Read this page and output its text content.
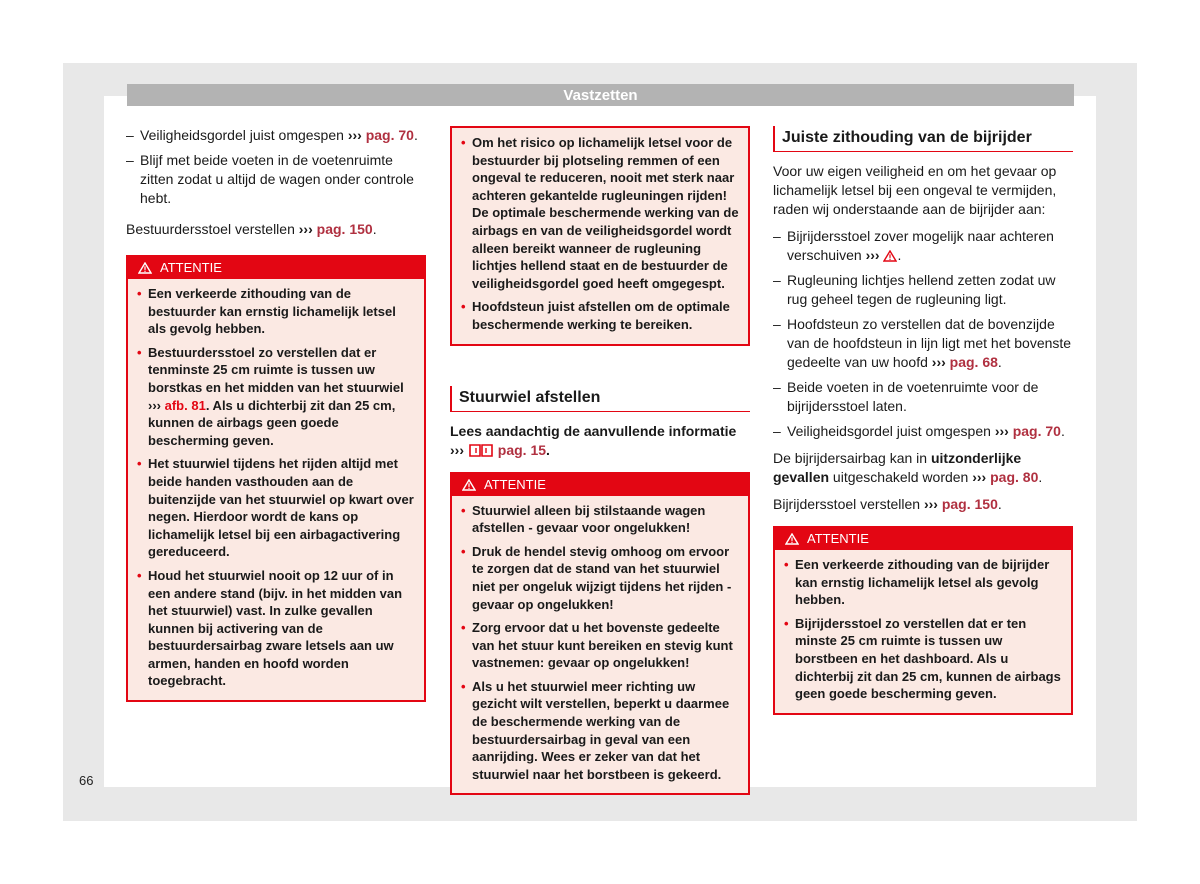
Vastzetten
66
– Veiligheidsgordel juist omgespen ››› pag. 70.
– Blijf met beide voeten in de voetenruimte zitten zodat u altijd de wagen onder controle hebt.

Bestuurdersstoel verstellen ››› pag. 150.

ATTENTIE
• Een verkeerde zithouding van de bestuurder kan ernstig lichamelijk letsel als gevolg hebben.
• Bestuurdersstoel zo verstellen dat er tenminste 25 cm ruimte is tussen uw borstkas en het midden van het stuurwiel ››› afb. 81. Als u dichterbij zit dan 25 cm, kunnen de airbags geen goede bescherming geven.
• Het stuurwiel tijdens het rijden altijd met beide handen vasthouden aan de buitenzijde van het stuurwiel op kwart over negen. Hierdoor wordt de kans op lichamelijk letsel bij een airbagactivering gereduceerd.
• Houd het stuurwiel nooit op 12 uur of in een andere stand (bijv. in het midden van het stuurwiel) vast. In zulke gevallen kunnen bij activering van de bestuurdersairbag zware letsels aan uw armen, handen en hoofd worden toegebracht.
• Om het risico op lichamelijk letsel voor de bestuurder bij plotseling remmen of een ongeval te reduceren, nooit met sterk naar achteren gekantelde rugleuningen rijden! De optimale beschermende werking van de airbags en van de veiligheidsgordel wordt alleen bereikt wanneer de rugleuning lichtjes hellend staat en de bestuurder de veiligheidsgordel goed heeft omgegespt.
• Hoofdsteun juist afstellen om de optimale beschermende werking te bereiken.
Stuurwiel afstellen

Lees aandachtig de aanvullende informatie ››› pag. 15.

ATTENTIE
• Stuurwiel alleen bij stilstaande wagen afstellen - gevaar voor ongelukken!
• Druk de hendel stevig omhoog om ervoor te zorgen dat de stand van het stuurwiel niet per ongeluk wijzigt tijdens het rijden - gevaar op ongelukken!
• Zorg ervoor dat u het bovenste gedeelte van het stuur kunt bereiken en stevig kunt vastnemen: gevaar op ongelukken!
• Als u het stuurwiel meer richting uw gezicht wilt verstellen, beperkt u daarmee de beschermende werking van de bestuurdersairbag in geval van een aanrijding. Wees er zeker van dat het stuurwiel naar het borstbeen is gekeerd.
Juiste zithouding van de bijrijder

Voor uw eigen veiligheid en om het gevaar op lichamelijk letsel bij een ongeval te vermijden, raden wij onderstaande aan de bijrijder aan:

– Bijrijdersstoel zover mogelijk naar achteren verschuiven ››› .
– Rugleuning lichtjes hellend zetten zodat uw rug geheel tegen de rugleuning ligt.
– Hoofdsteun zo verstellen dat de bovenzijde van de hoofdsteun in lijn ligt met het bovenste gedeelte van uw hoofd ››› pag. 68.
– Beide voeten in de voetenruimte voor de bijrijdersstoel laten.
– Veiligheidsgordel juist omgespen ››› pag. 70.

De bijrijdersairbag kan in uitzonderlijke gevallen uitgeschakeld worden ››› pag. 80.

Bijrijdersstoel verstellen ››› pag. 150.

ATTENTIE
• Een verkeerde zithouding van de bijrijder kan ernstig lichamelijk letsel als gevolg hebben.
• Bijrijdersstoel zo verstellen dat er ten minste 25 cm ruimte is tussen uw borstbeen en het dashboard. Als u dichterbij zit dan 25 cm, kunnen de airbags geen goede bescherming geven.
